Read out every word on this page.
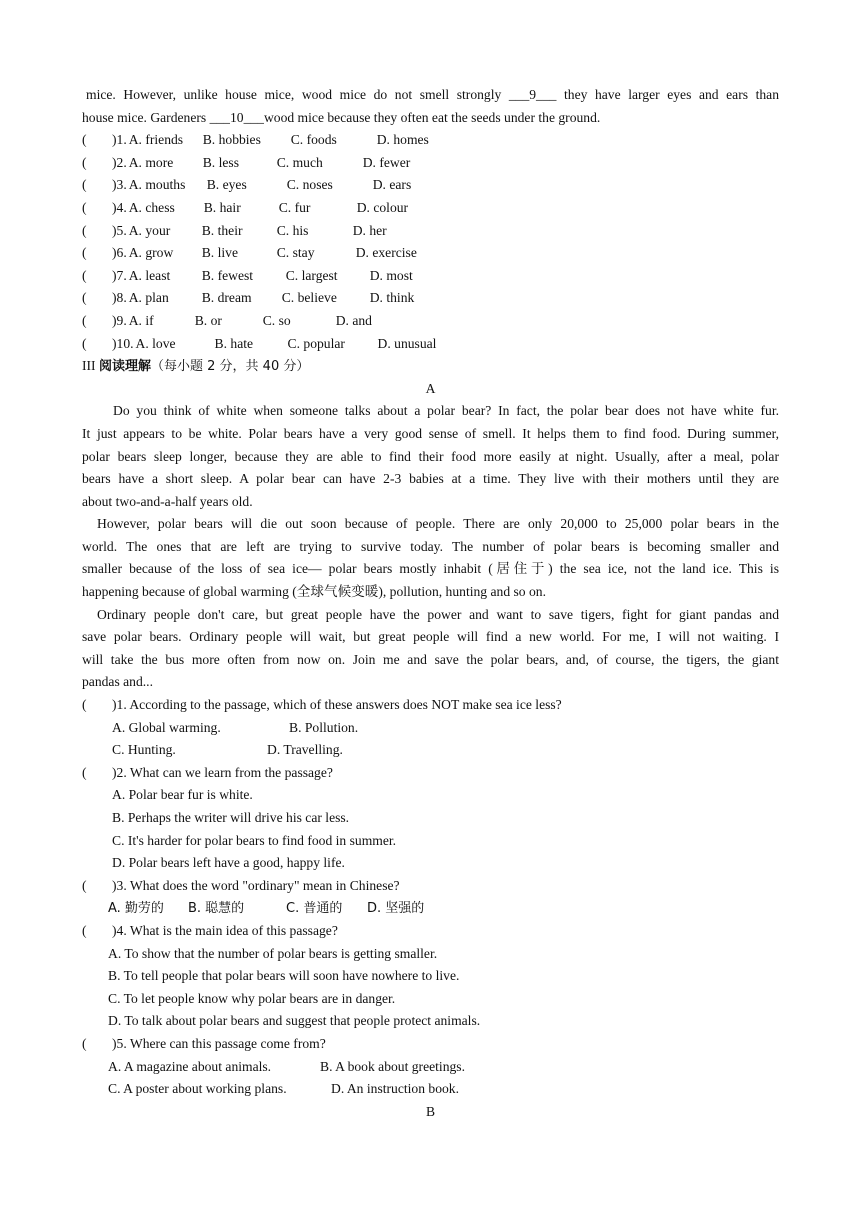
mice. However, unlike house mice, wood mice do not smell strongly ___9___ they have larger eyes and ears than
house mice. Gardeners ___10___wood mice because they often eat the seeds under the ground.
( )1. A. friends B. hobbies C. foods	D. homes
( )2. A. more B. less	C. much	D. fewer
( )3. A. mouths B. eyes	C. noses	D. ears
( )4. A. chess B. hair	C. fur	D. colour
( )5. A. your B. their	C. his	D. her
( )6. A. grow B. live	C. stay	D. exercise
( )7. A. least B. fewest C. largest D. most
( )8. A. plan B. dream C. believe D. think
( )9. A. if	B. or	C. so	D. and
( )10. A. love	B. hate	C. popular D. unusual
III 阅读理解（每小题 2 分，共 40 分）
A
Do you think of white when someone talks about a polar bear? In fact, the polar bear does not have white fur.
It just appears to be white. Polar bears have a very good sense of smell. It helps them to find food. During summer,
polar bears sleep longer, because they are able to find their food more easily at night. Usually, after a meal, polar
bears have a short sleep. A polar bear can have 2-3 babies at a time. They live with their mothers until they are
about two-and-a-half years old.
However, polar bears will die out soon because of people. There are only 20,000 to 25,000 polar bears in the
world. The ones that are left are trying to survive today. The number of polar bears is becoming smaller and
smaller because of the loss of sea ice— polar bears mostly inhabit (居住于) the sea ice, not the land ice. This is
happening because of global warming (全球气候变暖), pollution, hunting and so on.
Ordinary people don't care, but great people have the power and want to save tigers, fight for giant pandas and
save polar bears. Ordinary people will wait, but great people will find a new world. For me, I will not waiting. I
will take the bus more often from now on. Join me and save the polar bears, and, of course, the tigers, the giant
pandas and...
( )1. According to the passage, which of these answers does NOT make sea ice less?
A. Global warming.	B. Pollution.
C. Hunting.	D. Travelling.
( )2. What can we learn from the passage?
A. Polar bear fur is white.
B. Perhaps the writer will drive his car less.
C. It's harder for polar bears to find food in summer.
D. Polar bears left have a good, happy life.
( )3. What does the word "ordinary" mean in Chinese?
A. 勤劳的 B. 聪慧的	C. 普通的 D. 坚强的
( )4. What is the main idea of this passage?
A. To show that the number of polar bears is getting smaller.
B. To tell people that polar bears will soon have nowhere to live.
C. To let people know why polar bears are in danger.
D. To talk about polar bears and suggest that people protect animals.
( )5. Where can this passage come from?
A. A magazine about animals.	B. A book about greetings.
C. A poster about working plans.	D. An instruction book.
B
